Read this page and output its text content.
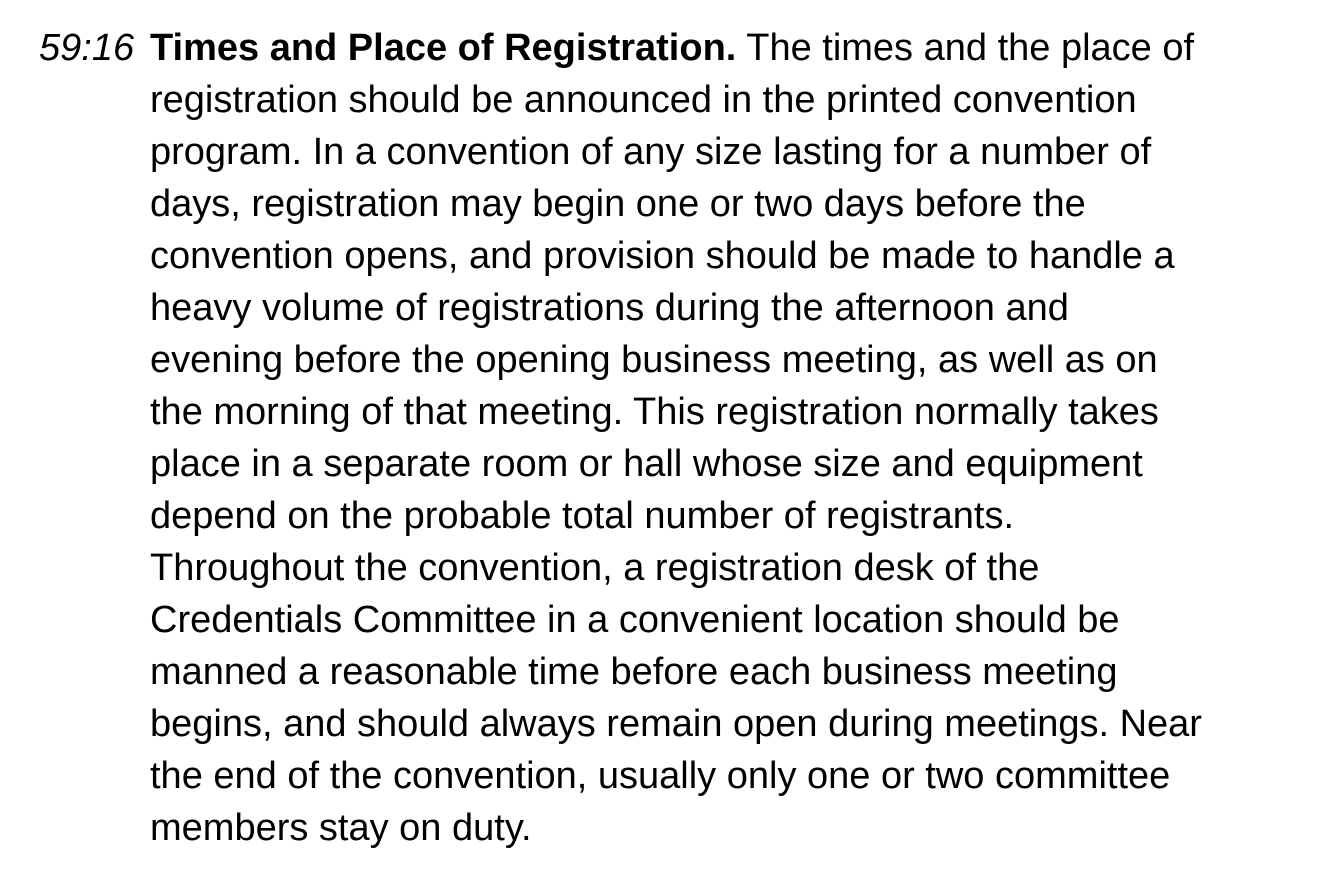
59:16 Times and Place of Registration. The times and the place of
registration should be announced in the printed convention
program. In a convention of any size lasting for a number of
days, registration may begin one or two days before the
convention opens, and provision should be made to handle a
heavy volume of registrations during the afternoon and
evening before the opening business meeting, as well as on
the morning of that meeting. This registration normally takes
place in a separate room or hall whose size and equipment
depend on the probable total number of registrants.
Throughout the convention, a registration desk of the
Credentials Committee in a convenient location should be
manned a reasonable time before each business meeting
begins, and should always remain open during meetings. Near
the end of the convention, usually only one or two committee
members stay on duty.
